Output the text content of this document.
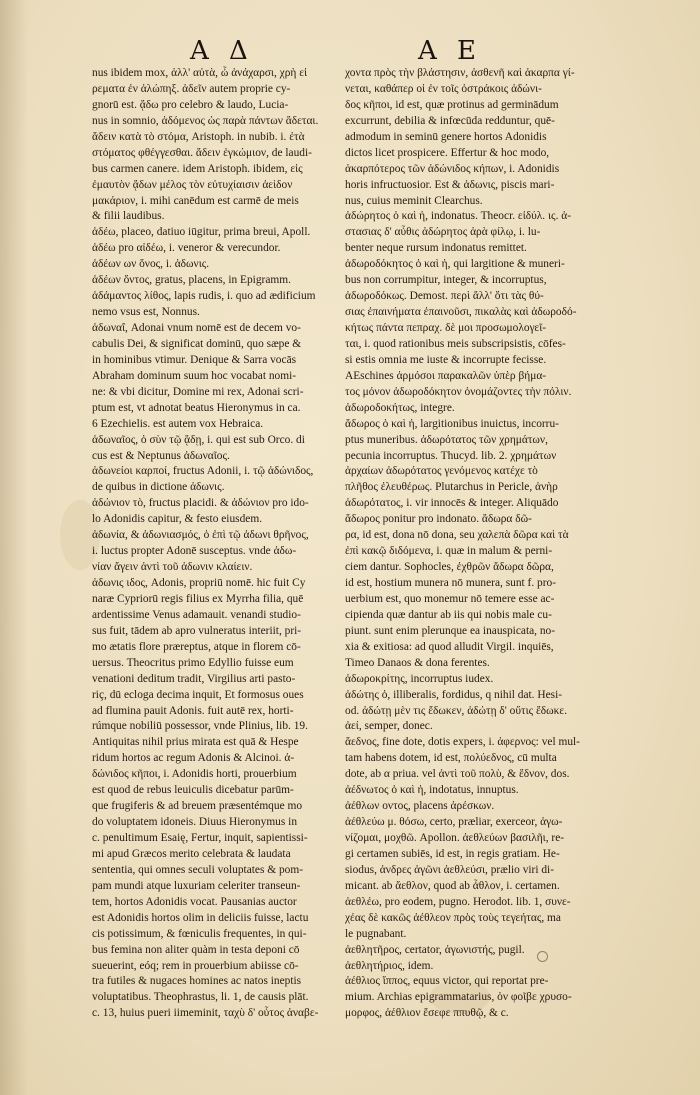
A Δ	A E
nus ibidem mox, ἀλλ' αὐτὰ, ὦ ἀνάχαρσι, χρὴ εἰ
ρεματα ἐν ἀλώπηξ. ἀδεῖν autem proprie cy-
gnorū est. ᾄδω pro celebro & laudo, Lucia-
nus in somnio, ἀδόμενος ὡς παρὰ πάντων ἄδεται.
ἄδειν κατὰ τὸ στόμα, Aristoph. in nubib. i. ἐτὰ
στόματος φθέγγεσθαι. ἄδειν ἐγκώμιον, de laudi-
bus carmen canere. idem Aristoph. ibidem, εἰς
ἐμαυτὸν ᾄδων μέλος τὸν εὐτυχίαισιν ἀεὶδον
μακάριον, i. mihi canēdum est carmē de meis
& filii laudibus.
ἁδέω, placeo, datiuo iūgitur, prima breui, Apoll.
ἁδέω pro αἰδέω, i. veneror & verecundor.
ἀδέων ων ὄνος, i. ἀδωνις.
ἀδέων ὄντος, gratus, placens, in Epigramm.
ἀδάμαντος λίθος, lapis rudis, i. quo ad ædificium
nemo vsus est, Nonnus.
ἀδωναΐ, Adonai vnum nomē est de decem vo-
cabulis Dei, & significat dominū, quo sæpe &
in hominibus vtimur. Denique & Sarra vocās
Abraham dominum suum hoc vocabat nomi-
ne: & vbi dicitur, Domine mi rex, Adonai scri-
ptum est, vt adnotat beatus Hieronymus in ca.
6 Ezechielis. est autem vox Hebraica.
ἀδωναῖος, ὁ σὺν τῷ ᾅδῃ, i. qui est sub Orco. di
cus est & Neptunus ἀδωναῖος.
ἀδωνείοι καρποί, fructus Adonii, i. τῷ ἀδώνιδος,
de quibus in dictione ἀδωνις.
ἀδώνιον τὸ, fructus placidi. & ἀδώνιον pro ido-
lo Adonidis capitur, & festo eiusdem.
ἀδωνία, & ἀδωνιασμός, ὁ ἐπὶ τῷ ἀδωνι θρῆνος,
i. luctus propter Adonē susceptus. vnde ἀδω-
νίαν ἄγειν ἀντὶ τοῦ ἀδωνιν κλαίειν.
ἀδωνις ιδος, Adonis, propriū nomē. hic fuit Cy
naræ Cypriorū regis filius ex Myrrha filia, quē
ardentissime Venus adamauit. venandi studio-
sus fuit, tādem ab apro vulneratus interiit, pri-
mo ætatis flore præreptus, atque in florem cō-
uersus. Theocritus primo Edyllio fuisse eum
venationi deditum tradit, Virgilius arti pasto-
riç, dū ecloga decima inquit, Et formosus oues
ad flumina pauit Adonis. fuit autē rex, horti-
rúmque nobiliū possessor, vnde Plinius, lib. 19.
Antiquitas nihil prius mirata est quā & Hespe
ridum hortos ac regum Adonis & Alcinoi. ἀ-
δώνιδος κῆποι, i. Adonidis horti, prouerbium
est quod de rebus leuiculis dicebatur parūm-
que frugiferis & ad breuem præsentémque mo
do voluptatem idoneis. Diuus Hieronymus in
c. penultimum Esaię, Fertur, inquit, sapientissi-
mi apud Græcos merito celebrata & laudata
sententia, qui omnes seculi voluptates & pom-
pam mundi atque luxuriam celeriter transeun-
tem, hortos Adonidis vocat. Pausanias auctor
est Adonidis hortos olim in deliciis fuisse, lactu
cis potissimum, & fœniculis frequentes, in qui-
bus femina non aliter quàm in testa deponi cō
sueuerint, eóq; rem in prouerbium abiisse cō-
tra futiles & nugaces homines ac natos ineptis
voluptatibus. Theophrastus, li. 1, de causis plāt.
c. 13, huius pueri iimeminit, ταχὺ δ' οὗτος ἀναβε-
χοντα πρὸς τὴν βλάστησιν, ἀσθενῆ καὶ ἀκαρπα γί-
νεται, καθάπερ οἱ ἐν τοῖς ὀστράκοις ἀδώνι-
δος κῆποι, id est, quæ protinus ad germinādum
excurrunt, debilia & infœcūda redduntur, quē-
admodum in seminū genere hortos Adonidis
dictos licet prospicere. Effertur & hoc modo,
ἀκαρπότερος τῶν ἀδώνιδος κήπων, i. Adonidis
horis infructuosior. Est & ἀδωνις, piscis mari-
nus, cuius meminit Clearchus.
ἀδώρητος ὁ καὶ ἡ, indonatus. Theocr. εἰδύλ. ις. ἀ-
στασιας δ' αὖθις ἀδώρητος ἀρὰ φίλῳ, i. lu-
benter neque rursum indonatus remittet.
ἀδωροδόκητος ὁ καὶ ἡ, qui largitione & muneri-
bus non corrumpitur, integer, & incorruptus,
ἀδωροδόκως. Demost. περὶ ἄλλ' ὅτι τὰς θύ-
σιας ἐπαινήματα ἐπαινοῦσι, πικαλὰς καὶ ἀδωροδό-
κήτως πάντα πεπραχ. δὲ μοι προσωμολογεῖ-
ται, i. quod rationibus meis subscripsistis, cōfes-
si estis omnia me iuste & incorrupte fecisse.
AEschines ἀρμόσοι παρακαλῶν ὑπὲρ βήμα-
τος μόνον ἀδωροδόκητον ὀνομάζοντες τὴν πόλιν.
ἀδωροδοκήτως, integre.
ἄδωρος ὁ καὶ ἡ, largitionibus inuictus, incorru-
ptus muneribus. ἀδωρότατος τῶν χρημάτων,
pecunia incorruptus. Thucyd. lib. 2. χρημάτων
ἀρχαίων ἀδωρότατος γενόμενος κατέχε τὸ
πλῆθος ἐλευθέρως. Plutarchus in Pericle, ἀνὴρ
ἀδωρότατος, i. vir innocēs & integer. Aliquādo
ἄδωρος ponitur pro indonato. ἄδωρα δῶ-
ρα, id est, dona nō dona, seu χαλεπὰ δῶρα καὶ τὰ
ἐπὶ κακῷ διδόμενα, i. quæ in malum & perni-
ciem dantur. Sophocles, ἐχθρῶν ἄδωρα δῶρα,
id est, hostium munera nō munera, sunt f. pro-
uerbium est, quo monemur nō temere esse ac-
cipienda quæ dantur ab iis qui nobis male cu-
piunt. sunt enim plerunque ea inauspicata, no-
xia & exitiosa: ad quod alludit Virgil. inquiēs,
Timeo Danaos & dona ferentes.
ἀδωροκρίτης, incorruptus iudex.
ἀδώτης ὁ, illiberalis, fordidus, q nihil dat. Hesi-
od. ἀδώτῃ μὲν τις ἔδωκεν, ἀδώτῃ δ' οὔτις ἔδωκε.
ἀεί, semper, donec.
ἄεδνος, fine dote, dotis expers, i. ἀφερνος: vel mul-
tam habens dotem, id est, πολύεδνος, cū multa
dote, ab α priua. vel ἀντὶ τοῦ πολὺ, & ἕδνον, dos.
ἀέδνωτος ὁ καὶ ἡ, indotatus, innuptus.
ἀέθλων οντος, placens ἀρέσκων.
ἀέθλεύω μ. θόσω, certo, præliar, exerceor, ἀγω-
νίζομαι, μοχθῶ. Apollon. ἀεθλεύων βασιλῆι, re-
gi certamen subiēs, id est, in regis gratiam. He-
siodus, ἀνδρες ἀγῶνι ἀεθλεύσι, prælio viri di-
micant. ab ἄεθλον, quod ab ἆθλον, i. certamen.
ἀεθλέω, pro eodem, pugno. Herodot. lib. 1, συνε-
χέας δὲ κακῶς ἀέθλεον πρὸς τοὺς τεγεήτας, ma
le pugnabant.
ἀεθλητῆρος, certator, ἀγωνιστής, pugil.
ἀεθλητήριος, idem.
ἀέθλιος ἵππος, equus victor, qui reportat pre-
mium. Archias epigrammatarius, ὁν φοῖβε χρυσο-
μορφος, ἀέθλιον ἔσεφε ππυθῷ, & c.
